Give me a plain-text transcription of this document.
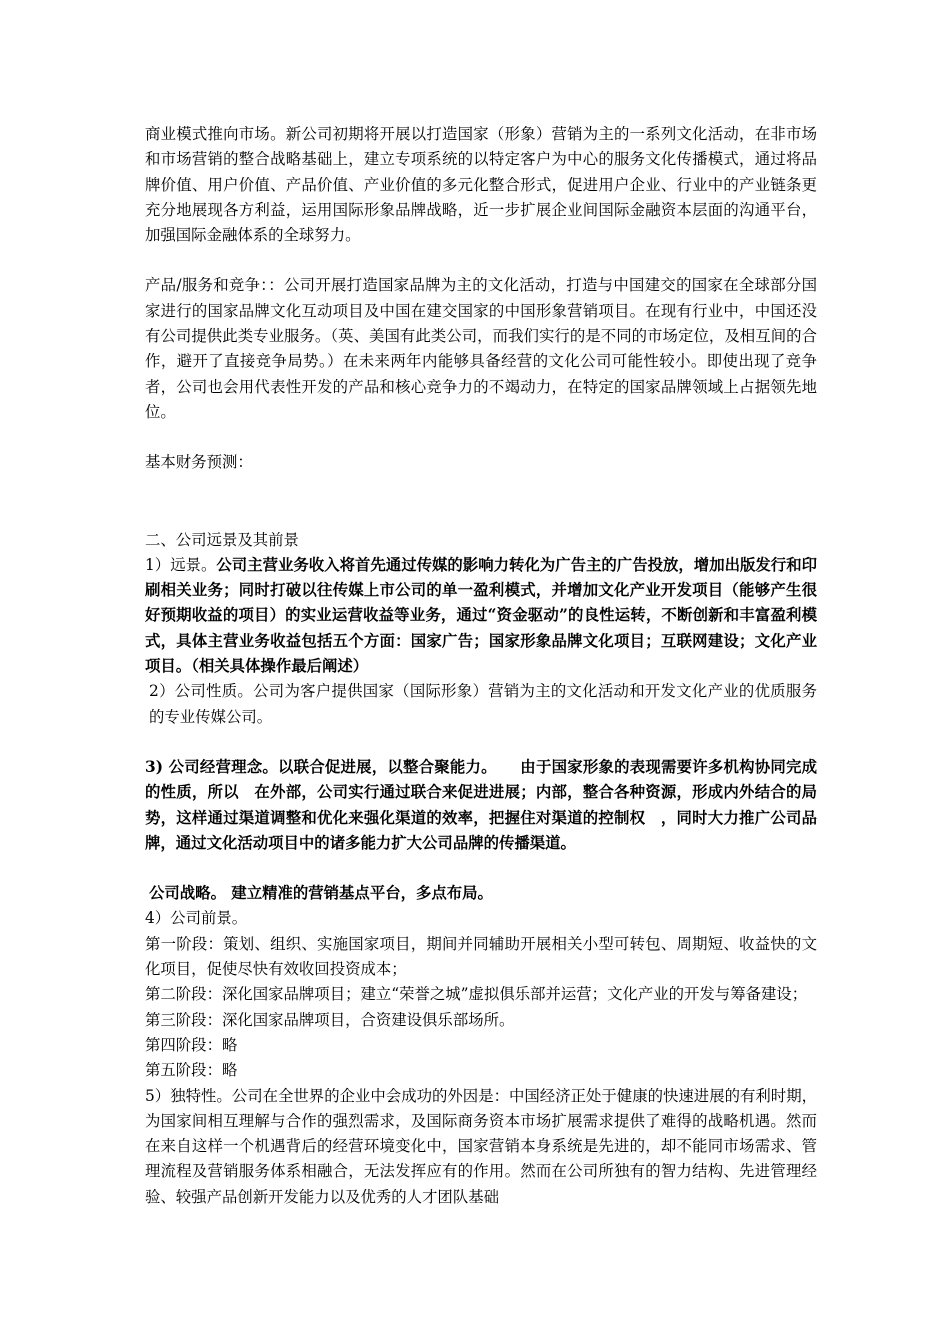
商业模式推向市场。新公司初期将开展以打造国家（形象）营销为主的一系列文化活动，在非市场和市场营销的整合战略基础上，建立专项系统的以特定客户为中心的服务文化传播模式，通过将品牌价值、用户价值、产品价值、产业价值的多元化整合形式，促进用户企业、行业中的产业链条更充分地展现各方利益，运用国际形象品牌战略，近一步扩展企业间国际金融资本层面的沟通平台，加强国际金融体系的全球努力。

产品/服务和竞争：：公司开展打造国家品牌为主的文化活动，打造与中国建交的国家在全球部分国家进行的国家品牌文化互动项目及中国在建交国家的中国形象营销项目。在现有行业中，中国还没有公司提供此类专业服务。（英、美国有此类公司，而我们实行的是不同的市场定位，及相互间的合作，避开了直接竞争局势。）在未来两年内能够具备经营的文化公司可能性较小。即使出现了竞争者，公司也会用代表性开发的产品和核心竞争力的不竭动力，在特定的国家品牌领域上占据领先地位。

基本财务预测：

二、公司远景及其前景

1）远景。公司主营业务收入将首先通过传媒的影响力转化为广告主的广告投放，增加出版发行和印刷相关业务；同时打破以往传媒上市公司的单一盈利模式，并增加文化产业开发项目（能够产生很好预期收益的项目）的实业运营收益等业务，通过“资金驱动”的良性运转，不断创新和丰富盈利模式，具体主营业务收益包括五个方面：国家广告；国家形象品牌文化项目；互联网建设；文化产业项目。（相关具体操作最后阐述）

2）公司性质。公司为客户提供国家（国际形象）营销为主的文化活动和开发文化产业的优质服务的专业传媒公司。

3) 公司经营理念。以联合促进展，以整合聚能力。　　由于国家形象的表现需要许多机构协同完成的性质，所以　在外部，公司实行通过联合来促进进展；内部，整合各种资源，形成内外结合的局势，这样通过渠道调整和优化来强化渠道的效率，把握住对渠道的控制权　，同时大力推广公司品牌，通过文化活动项目中的诸多能力扩大公司品牌的传播渠道。

公司战略。 建立精准的营销基点平台，多点布局。

4）公司前景。

第一阶段：策划、组织、实施国家项目，期间并同辅助开展相关小型可转包、周期短、收益快的文化项目，促使尽快有效收回投资成本；

第二阶段：深化国家品牌项目；建立“荣誉之城”虚拟俱乐部并运营；文化产业的开发与筹备建设；

第三阶段：深化国家品牌项目，合资建设俱乐部场所。

第四阶段：略

第五阶段：略

5）独特性。公司在全世界的企业中会成功的外因是：中国经济正处于健康的快速进展的有利时期，为国家间相互理解与合作的强烈需求，及国际商务资本市场扩展需求提供了难得的战略机遇。然而在来自这样一个机遇背后的经营环境变化中，国家营销本身系统是先进的，却不能同市场需求、管理流程及营销服务体系相融合，无法发挥应有的作用。然而在公司所独有的智力结构、先进管理经验、较强产品创新开发能力以及优秀的人才团队基础
